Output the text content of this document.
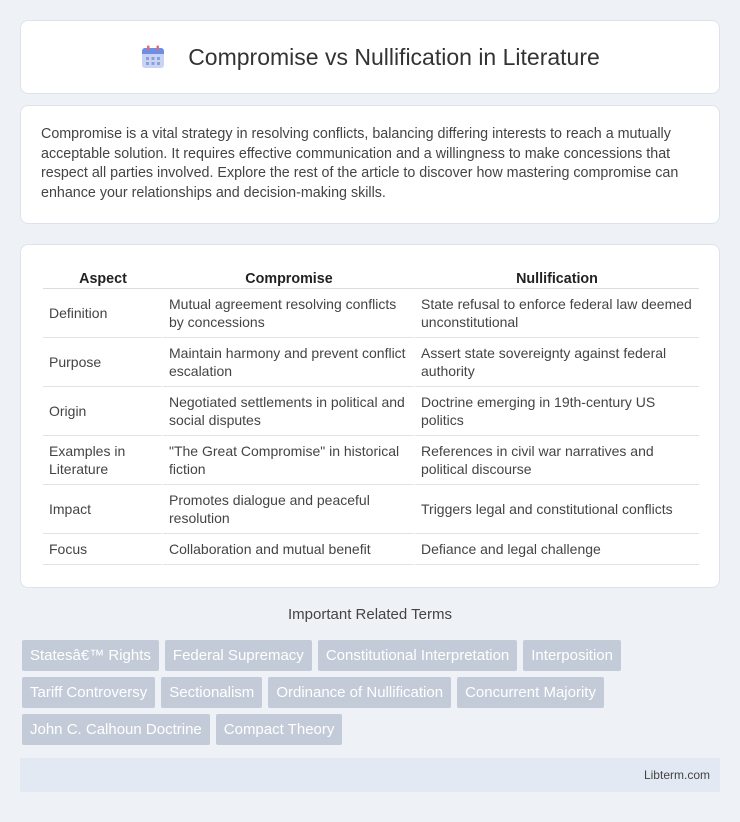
Compromise vs Nullification in Literature

Compromise is a vital strategy in resolving conflicts, balancing differing interests to reach a mutually acceptable solution. It requires effective communication and a willingness to make concessions that respect all parties involved. Explore the rest of the article to discover how mastering compromise can enhance your relationships and decision-making skills.

Aspect	Compromise	Nullification
Definition	Mutual agreement resolving conflicts by concessions	State refusal to enforce federal law deemed unconstitutional
Purpose	Maintain harmony and prevent conflict escalation	Assert state sovereignty against federal authority
Origin	Negotiated settlements in political and social disputes	Doctrine emerging in 19th-century US politics
Examples in Literature	"The Great Compromise" in historical fiction	References in civil war narratives and political discourse
Impact	Promotes dialogue and peaceful resolution	Triggers legal and constitutional conflicts
Focus	Collaboration and mutual benefit	Defiance and legal challenge
Important Related Terms
Statesâ€™ Rights	Federal Supremacy	Constitutional Interpretation	Interposition
Tariff Controversy	Sectionalism	Ordinance of Nullification	Concurrent Majority
John C. Calhoun Doctrine	Compact Theory
Libterm.com
